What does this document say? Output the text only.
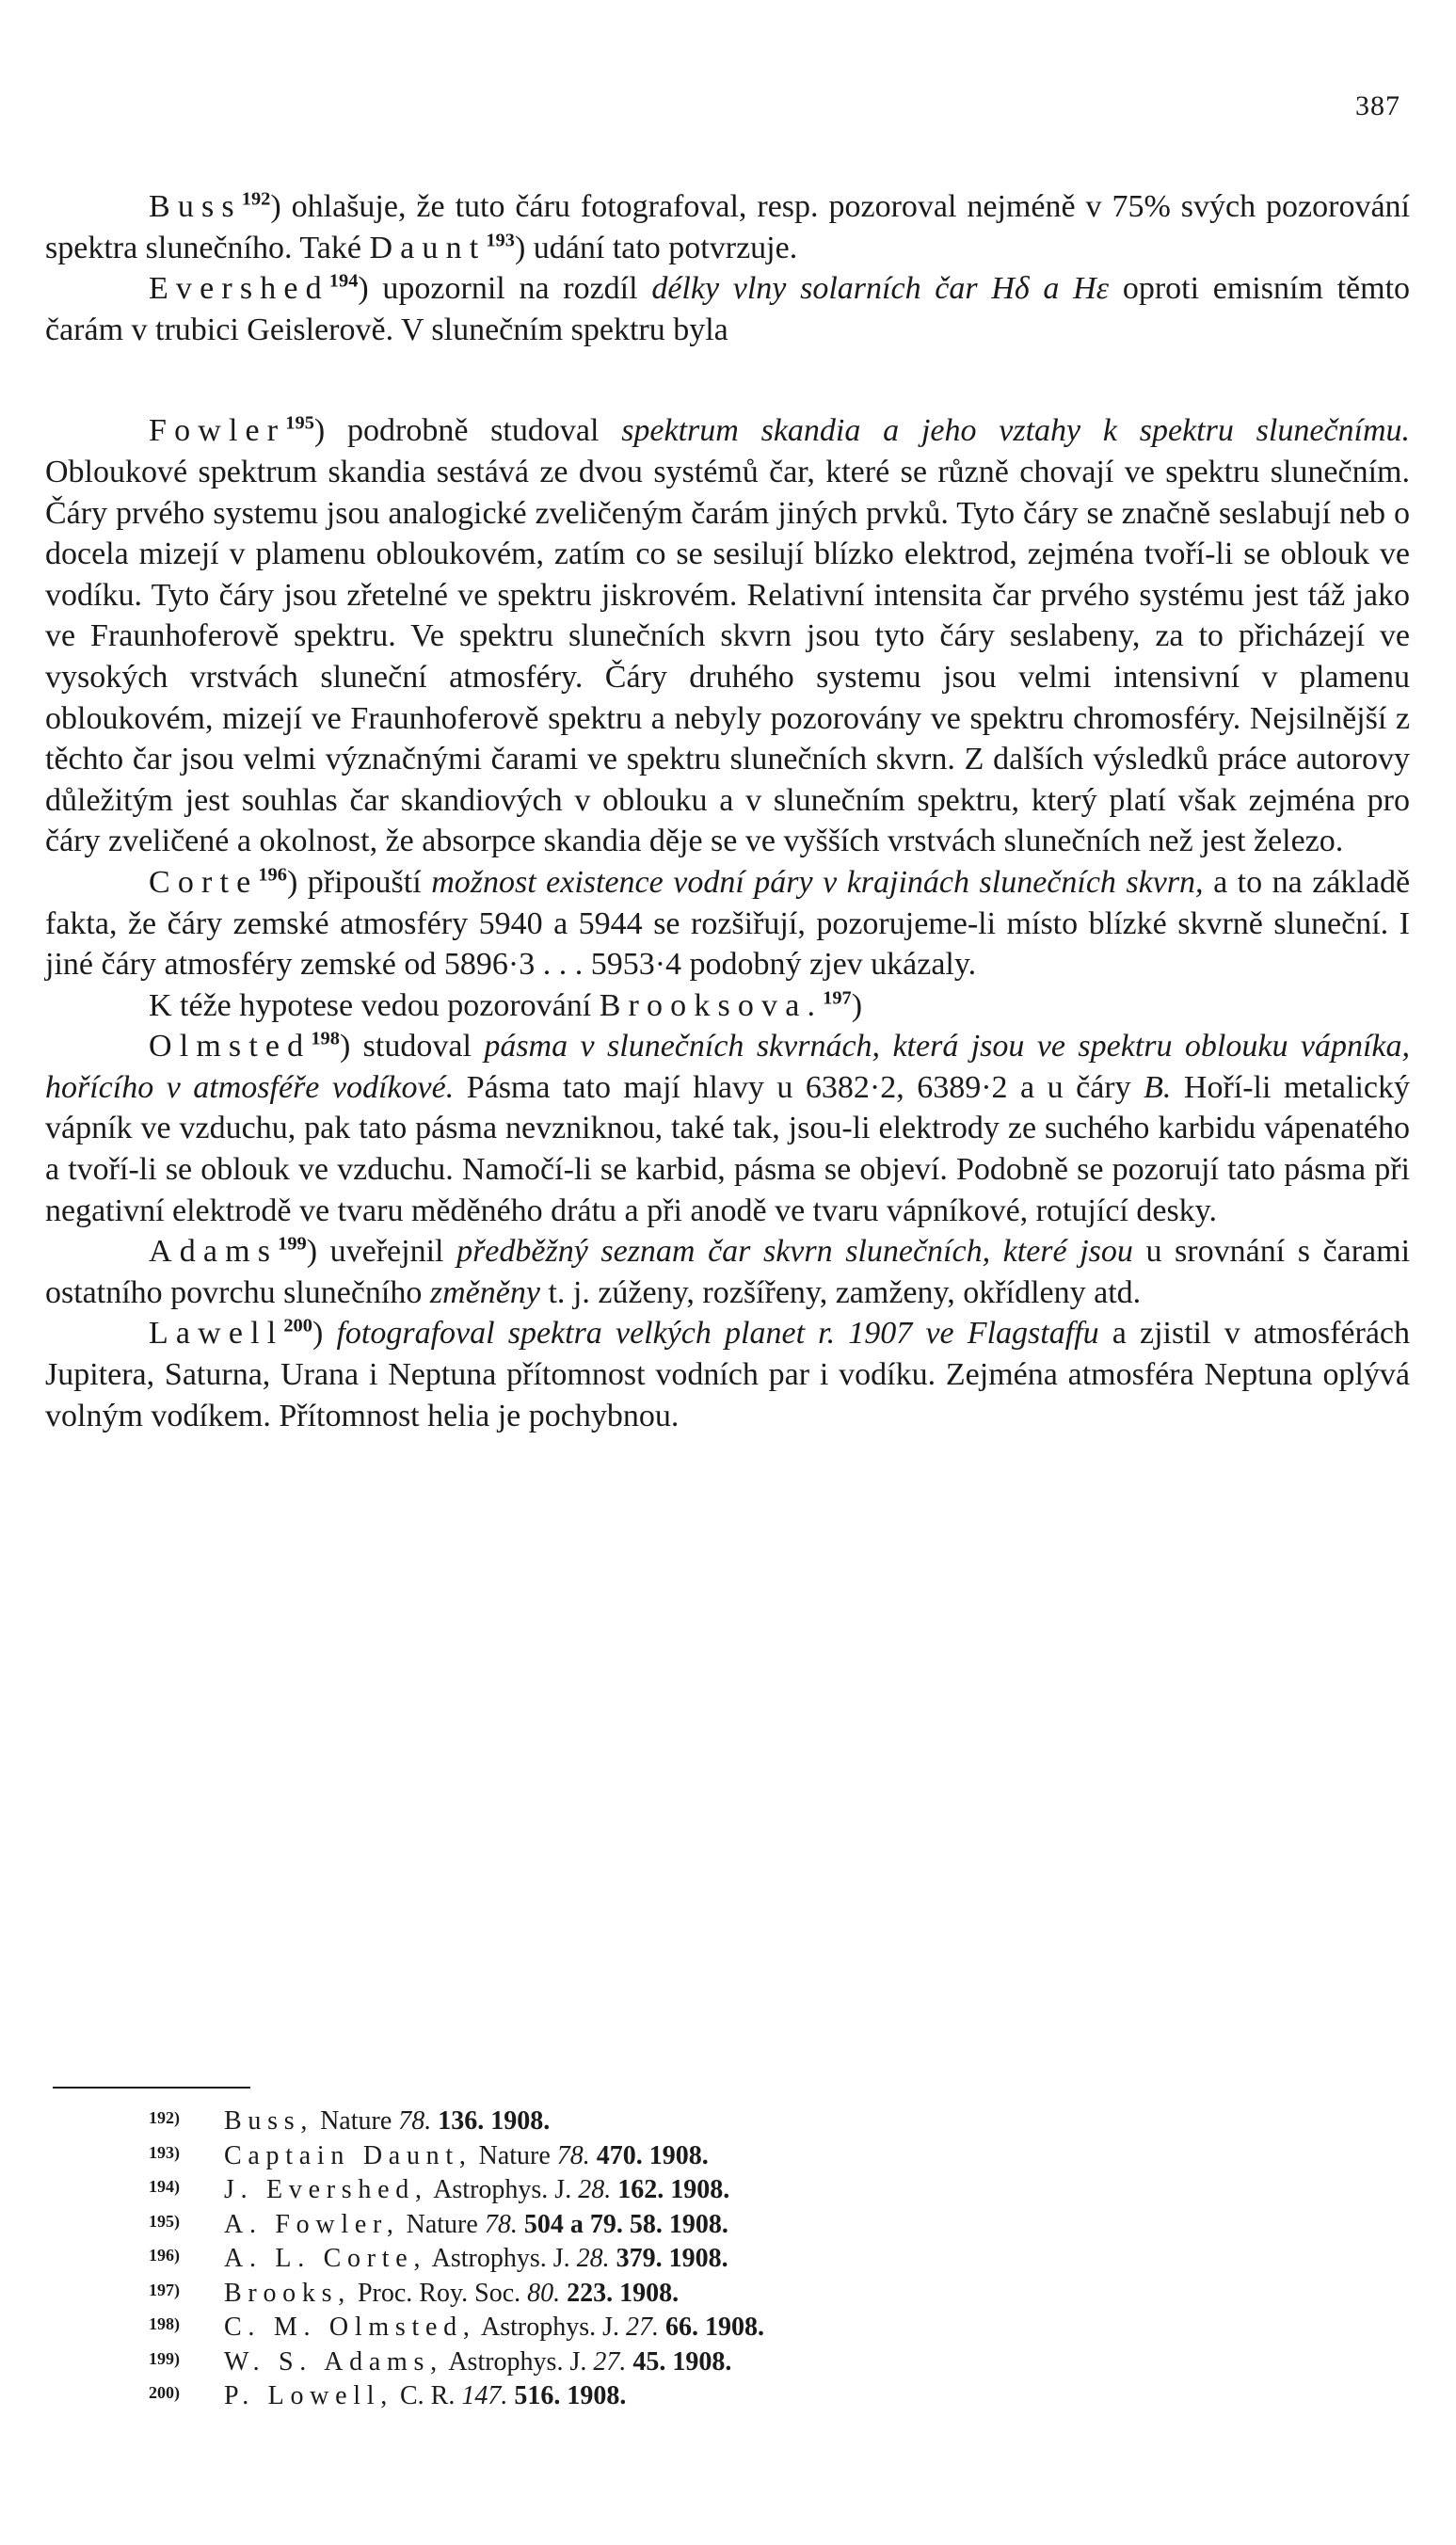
387

Buss$^{192}$) ohlašuje, že tuto čáru fotografoval, resp. pozoroval nejméně v 75% svých pozorování spektra slunečního. Také Daunt$^{193}$) udání tato potvrzuje.

Evershed$^{194}$) upozornil na rozdíl délky vlny solarních čar Hδ a Hε oproti emisním těmto čarám v trubici Geislerově. V slunečním spektru byla

Fowler$^{195}$) podrobně studoval spektrum skandia a jeho vztahy k spektru slunečnímu. Obloukové spektrum skandia sestává ze dvou systémů čar, které se různě chovají ve spektru slunečním. Čáry prvého systemu jsou analogické zveličeným čarám jiných prvků. Tyto čáry se značně seslabují neb o docela mizejí v plamenu obloukovém, zatím co se sesilují blízko elektrod, zejména tvoří-li se oblouk ve vodíku. Tyto čáry jsou zřetelné ve spektru jiskrovém. Relativní intensita čar prvého systému jest táž jako ve Fraunhoferově spektru. Ve spektru slunečních skvrn jsou tyto čáry seslabeny, za to přicházejí ve vysokých vrstvách sluneční atmosféry. Čáry druhého systemu jsou velmi intensivní v plamenu obloukovém, mizejí ve Fraunhoferově spektru a nebyly pozorovány ve spektru chromosféry. Nejsilnější z těchto čar jsou velmi význačnými čarami ve spektru slunečních skvrn. Z dalších výsledků práce autorovy důležitým jest souhlas čar skandiových v oblouku a v slunečním spektru, který platí však zejména pro čáry zveličené a okolnost, že absorpce skandia děje se ve vyšších vrstvách slunečních než jest železo.

Corte$^{196}$) připouští možnost existence vodní páry v krajinách slunečních skvrn, a to na základě fakta, že čáry zemské atmosféry 5940 a 5944 se rozšiřují, pozorujeme-li místo blízké skvrně sluneční. I jiné čáry atmosféry zemské od 5896·3 . . . 5953·4 podobný zjev ukázaly.

K téže hypotese vedou pozorování Brooksova.$^{197}$)

Olmsted$^{198}$) studoval pásma v slunečních skvrnách, která jsou ve spektru oblouku vápníka, hořícího v atmosféře vodíkové. Pásma tato mají hlavy u 6382·2, 6389·2 a u čáry B. Hoří-li metalický vápník ve vzduchu, pak tato pásma nevzniknou, také tak, jsou-li elektrody ze suchého karbidu vápenatého a tvoří-li se oblouk ve vzduchu. Namočí-li se karbid, pásma se objeví. Podobně se pozorují tato pásma při negativní elektrodě ve tvaru měděného drátu a při anodě ve tvaru vápníkové, rotující desky.

Adams$^{199}$) uveřejnil předběžný seznam čar skvrn slunečních, které jsou u srovnání s čarami ostatního povrchu slunečního změněny t. j. zúženy, rozšířeny, zamženy, okřídleny atd.

Lawell$^{200}$) fotografoval spektra velkých planet r. 1907 ve Flagstaffu a zjistil v atmosférách Jupitera, Saturna, Urana i Neptuna přítomnost vodních par i vodíku. Zejména atmosféra Neptuna oplývá volným vodíkem. Přítomnost helia je pochybnou.

192) Buss, Nature 78. 136. 1908.

193) Captain Daunt, Nature 78. 470. 1908.

194) J. Evershed, Astrophys. J. 28. 162. 1908.

195) A. Fowler, Nature 78. 504 a 79. 58. 1908.

196) A. L. Corte, Astrophys. J. 28. 379. 1908.

197) Brooks, Proc. Roy. Soc. 80. 223. 1908.

198) C. M. Olmsted, Astrophys. J. 27. 66. 1908.

199) W. S. Adams, Astrophys. J. 27. 45. 1908.

200) P. Lowell, C. R. 147. 516. 1908.
